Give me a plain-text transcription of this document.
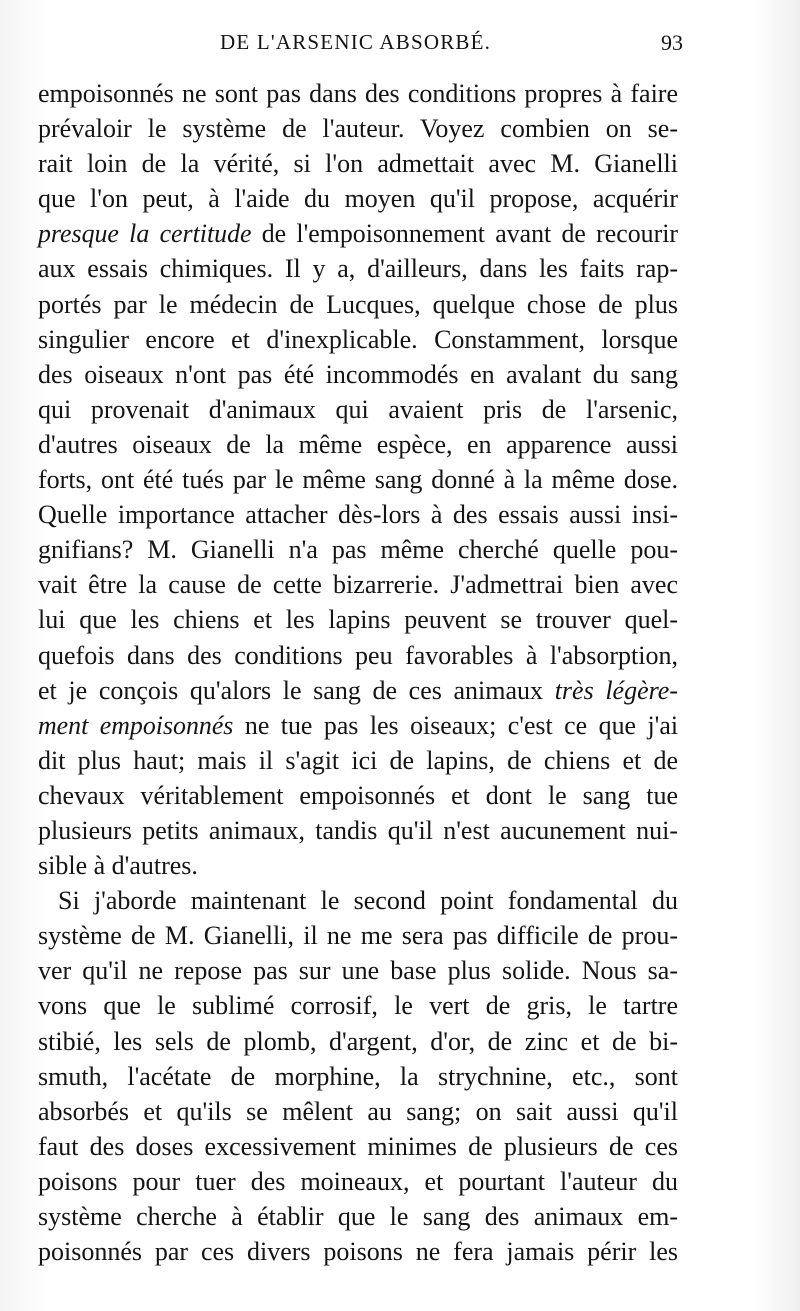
DE L'ARSENIC ABSORBÉ.	93
empoisonnés ne sont pas dans des conditions propres à faire
prévaloir le système de l'auteur. Voyez combien on se-
rait loin de la vérité, si l'on admettait avec M. Gianelli
que l'on peut, à l'aide du moyen qu'il propose, acquérir
presque la certitude de l'empoisonnement avant de recourir
aux essais chimiques. Il y a, d'ailleurs, dans les faits rap-
portés par le médecin de Lucques, quelque chose de plus
singulier encore et d'inexplicable. Constamment, lorsque
des oiseaux n'ont pas été incommodés en avalant du sang
qui provenait d'animaux qui avaient pris de l'arsenic,
d'autres oiseaux de la même espèce, en apparence aussi
forts, ont été tués par le même sang donné à la même dose.
Quelle importance attacher dès-lors à des essais aussi insi-
gnifians? M. Gianelli n'a pas même cherché quelle pou-
vait être la cause de cette bizarrerie. J'admettrai bien avec
lui que les chiens et les lapins peuvent se trouver quel-
quefois dans des conditions peu favorables à l'absorption,
et je conçois qu'alors le sang de ces animaux très légère-
ment empoisonnés ne tue pas les oiseaux; c'est ce que j'ai
dit plus haut; mais il s'agit ici de lapins, de chiens et de
chevaux véritablement empoisonnés et dont le sang tue
plusieurs petits animaux, tandis qu'il n'est aucunement nui-
sible à d'autres.
Si j'aborde maintenant le second point fondamental du
système de M. Gianelli, il ne me sera pas difficile de prou-
ver qu'il ne repose pas sur une base plus solide. Nous sa-
vons que le sublimé corrosif, le vert de gris, le tartre
stibié, les sels de plomb, d'argent, d'or, de zinc et de bi-
smuth, l'acétate de morphine, la strychnine, etc., sont
absorbés et qu'ils se mêlent au sang; on sait aussi qu'il
faut des doses excessivement minimes de plusieurs de ces
poisons pour tuer des moineaux, et pourtant l'auteur du
système cherche à établir que le sang des animaux em-
poisonnés par ces divers poisons ne fera jamais périr les
